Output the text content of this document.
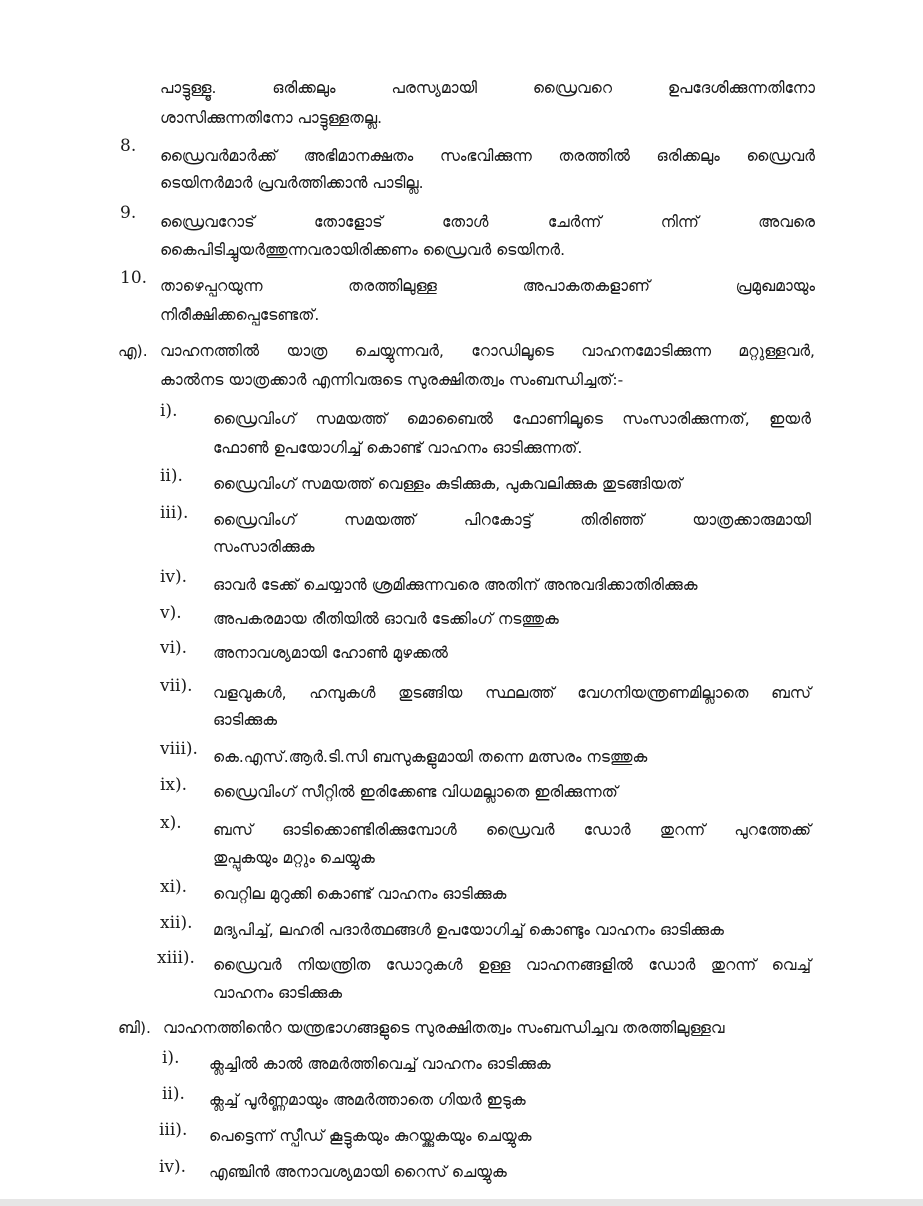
പാട്ടുള്ളൂ. ഒരിക്കലും പരസ്യമായി ഡ്രൈവറെ ഉപദേശിക്കുന്നതിനോ
ശാസിക്കുന്നതിനോ പാട്ടുള്ളതല്ല.
8. ഡ്രൈവർമാർക്ക് അഭിമാനക്ഷതം സംഭവിക്കുന്ന തരത്തിൽ ഒരിക്കലും ഡ്രൈവർ
ടെയിനർമാർ പ്രവർത്തിക്കാൻ പാടില്ല.
9. ഡ്രൈവറോട് തോളോട് തോൾ ചേർന്ന് നിന്ന് അവരെ
കൈപിടിച്ചുയർത്തുന്നവരായിരിക്കണം ഡ്രൈവർ ടെയിനർ.
10. താഴെപ്പറയുന്ന തരത്തിലുള്ള അപാകതകളാണ് പ്രമുഖമായും
നിരീക്ഷിക്കപ്പെടേണ്ടത്.
എ). വാഹനത്തിൽ യാത്ര ചെയ്യുന്നവർ, റോഡിലൂടെ വാഹനമോടിക്കുന്ന മറ്റുള്ളവർ,
കാൽനട യാത്രക്കാർ എന്നിവരുടെ സുരക്ഷിതത്വം സംബന്ധിച്ചത്:-
i). ഡ്രൈവിംഗ് സമയത്ത് മൊബൈൽ ഫോണിലൂടെ സംസാരിക്കുന്നത്, ഇയർ
ഫോൺ ഉപയോഗിച്ച് കൊണ്ട് വാഹനം ഓടിക്കുന്നത്.
ii). ഡ്രൈവിംഗ് സമയത്ത് വെള്ളം കുടിക്കുക, പുകവലിക്കുക തുടങ്ങിയത്
iii). ഡ്രൈവിംഗ് സമയത്ത് പിറകോട്ട് തിരിഞ്ഞ് യാത്രക്കാരുമായി
സംസാരിക്കുക
iv). ഓവർ ടേക്ക് ചെയ്യാൻ ശ്രമിക്കുന്നവരെ അതിന് അനുവദിക്കാതിരിക്കുക
v). അപകരമായ രീതിയിൽ ഓവർ ടേക്കിംഗ് നടത്തുക
vi). അനാവശ്യമായി ഹോൺ മുഴക്കൽ
vii). വളവുകൾ, ഹമ്പുകൾ തുടങ്ങിയ സ്ഥലത്ത് വേഗനിയന്ത്രണമില്ലാതെ ബസ്
ഓടിക്കുക
viii). കെ.എസ്.ആർ.ടി.സി ബസുകളുമായി തന്നെ മത്സരം നടത്തുക
ix). ഡ്രൈവിംഗ് സീറ്റിൽ ഇരിക്കേണ്ട വിധമല്ലാതെ ഇരിക്കുന്നത്
x). ബസ് ഓടിക്കൊണ്ടിരിക്കുമ്പോൾ ഡ്രൈവർ ഡോർ തുറന്ന് പുറത്തേക്ക്
തുപ്പുകയും മറ്റും ചെയ്യുക
xi). വെറ്റില മുറുക്കി കൊണ്ട് വാഹനം ഓടിക്കുക
xii). മദ്യപിച്ച്, ലഹരി പദാർത്ഥങ്ങൾ ഉപയോഗിച്ച് കൊണ്ടും വാഹനം ഓടിക്കുക
xiii). ഡ്രൈവർ നിയന്ത്രിത ഡോറുകൾ ഉള്ള വാഹനങ്ങളിൽ ഡോർ തുറന്ന് വെച്ച്
വാഹനം ഓടിക്കുക
ബി). വാഹനത്തിൻെറ യന്ത്രഭാഗങ്ങളുടെ സുരക്ഷിതത്വം സംബന്ധിച്ചവ തരത്തിലുള്ളവ
i). ക്ലച്ചിൽ കാൽ അമർത്തിവെച്ച് വാഹനം ഓടിക്കുക
ii). ക്ലച്ച് പൂർണ്ണമായും അമർത്താതെ ഗിയർ ഇടുക
iii). പെട്ടെന്ന് സ്പീഡ് കൂട്ടുകയും കുറയ്ക്കുകയും ചെയ്യുക
iv). എഞ്ചിൻ അനാവശ്യമായി റൈസ് ചെയ്യുക
